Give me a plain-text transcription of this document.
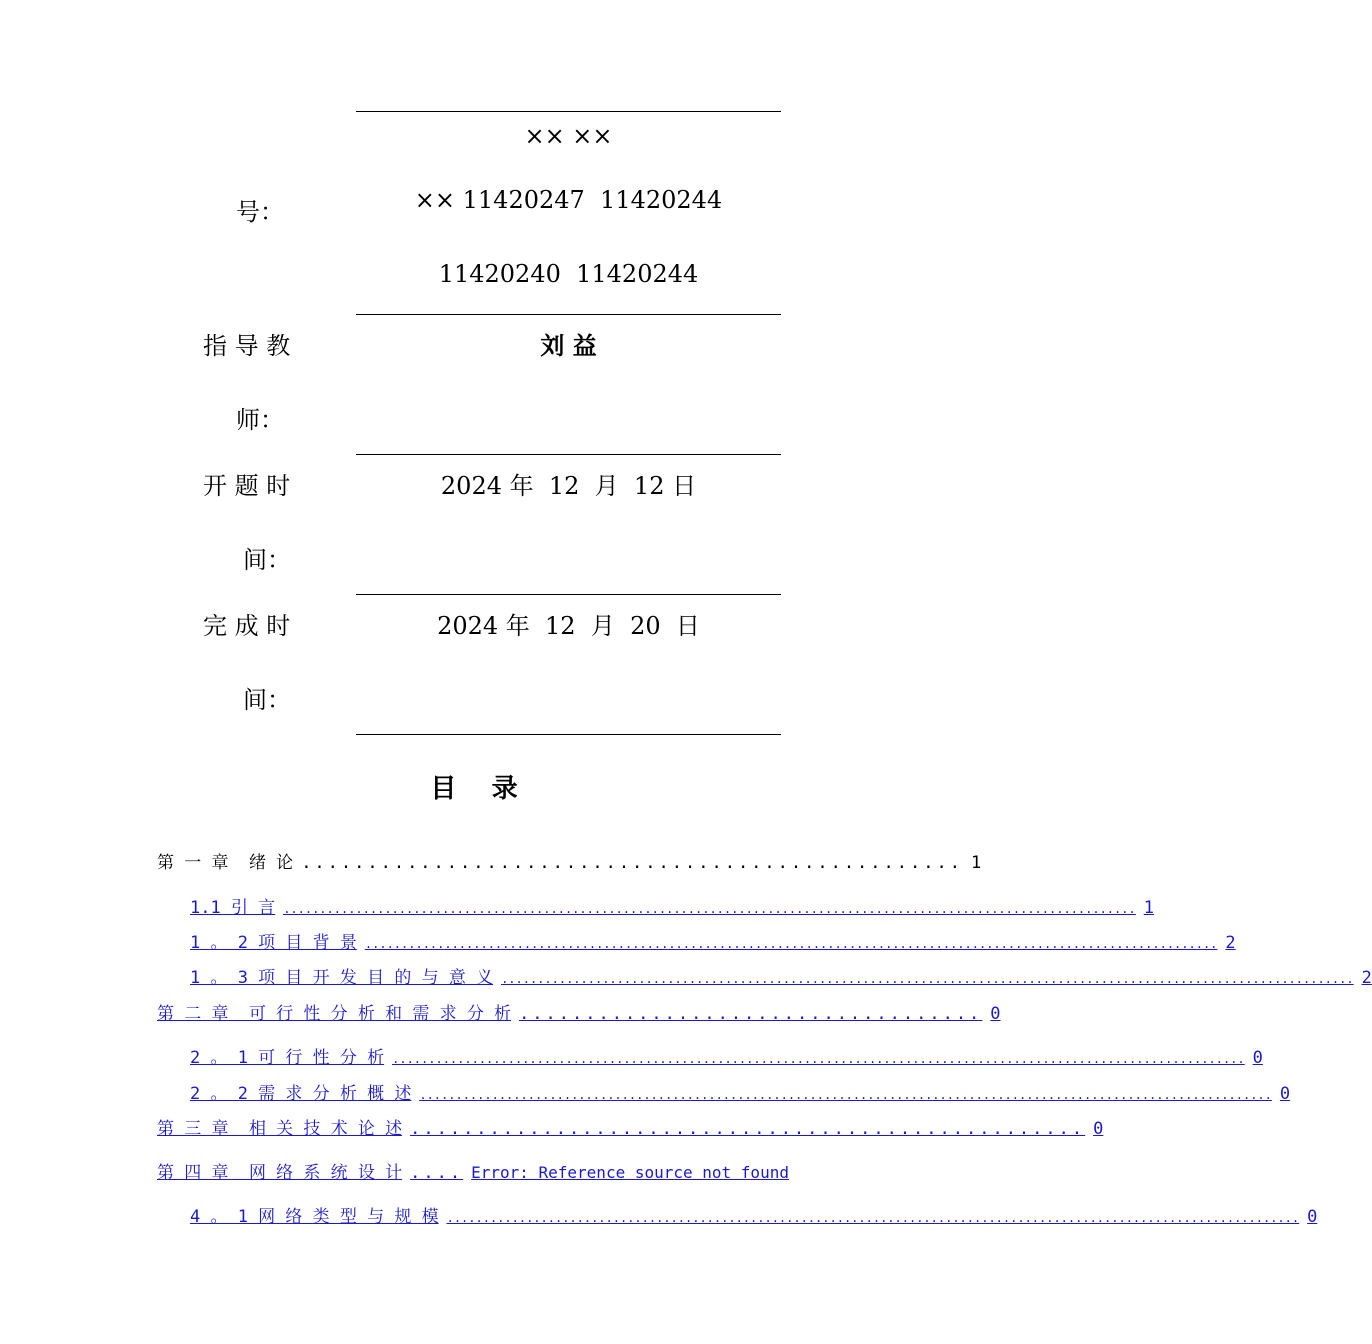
×× ××
号：	×× 11420247  11420244
11420240  11420244
指 导 教
师：
刘 益
开 题 时
间：
2024 年  12  月  12 日
完 成 时
间：
2024 年  12  月  20  日
目   录
第 一 章  绪 论 .................................................. 1
1.1 引 言 ...................................................................................................................... 1
1 。 2 项 目 背 景 ...................................................................................................................... 2
1 。 3 项 目 开 发 目 的 与 意 义 ...................................................................................................................... 2
第 二 章  可 行 性 分 析 和 需 求 分 析 ................................... 0
2 。 1 可 行 性 分 析 ...................................................................................................................... 0
2 。 2 需 求 分 析 概 述 ...................................................................................................................... 0
第 三 章  相 关 技 术 论 述 ................................................... 0
第 四 章  网 络 系 统 设 计 .... Error: Reference source not found
4 。 1 网 络 类 型 与 规 模 ...................................................................................................................... 0
